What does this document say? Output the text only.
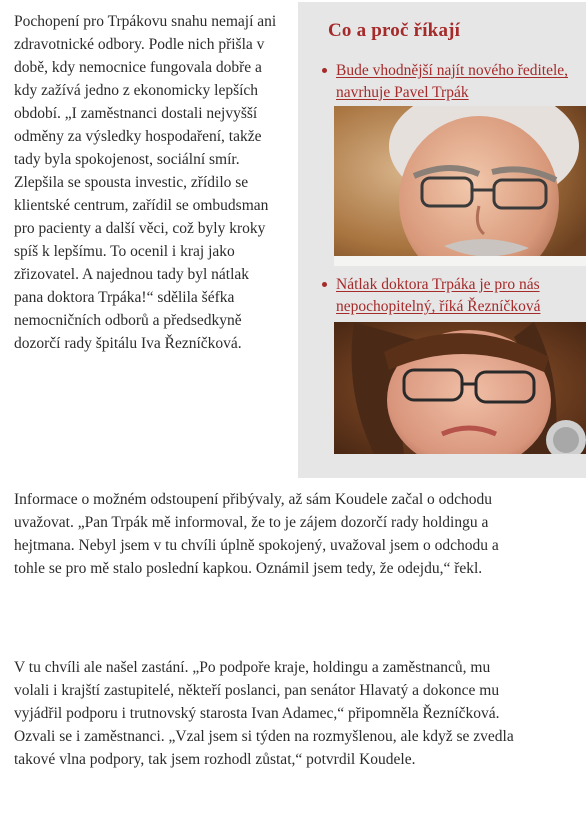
Pochopení pro Trpákovu snahu nemají ani zdravotnické odbory. Podle nich přišla v době, kdy nemocnice fungovala dobře a kdy zažívá jedno z ekonomicky lepších období. „I zaměstnanci dostali nejvyšší odměny za výsledky hospodaření, takže tady byla spokojenost, sociální smír. Zlepšila se spousta investic, zřídilo se klientské centrum, zařídil se ombudsman pro pacienty a další věci, což byly kroky spíš k lepšímu. To ocenil i kraj jako zřizovatel. A najednou tady byl nátlak pana doktora Trpáka!“ sdělila šéfka nemocničních odborů a předsedkyně dozorčí rady špitálu Iva Řezníčková.

Informace o možném odstoupení přibývaly, až sám Koudele začal o odchodu uvažovat. „Pan Trpák mě informoval, že to je zájem dozorčí rady holdingu a hejtmana. Nebyl jsem v tu chvíli úplně spokojený, uvažoval jsem o odchodu a tohle se pro mě stalo poslední kapkou. Oznámil jsem tedy, že odejdu,“ řekl.

V tu chvíli ale našel zastání. „Po podpoře kraje, holdingu a zaměstnanců, mu volali i krajští zastupitelé, někteří poslanci, pan senátor Hlavatý a dokonce mu vyjádřil podporu i trutnovský starosta Ivan Adamec,“ připomněla Řezníčková. Ozvali se i zaměstnanci. „Vzal jsem si týden na rozmyšlenou, ale když se zvedla takové vlna podpory, tak jsem rozhodl zůstat,“ potvrdil Koudele.

Co a proč říkají
Bude vhodnější najít nového ředitele, navrhuje Pavel Trpák
Nátlak doktora Trpáka je pro nás nepochopitelný, říká Řezníčková
